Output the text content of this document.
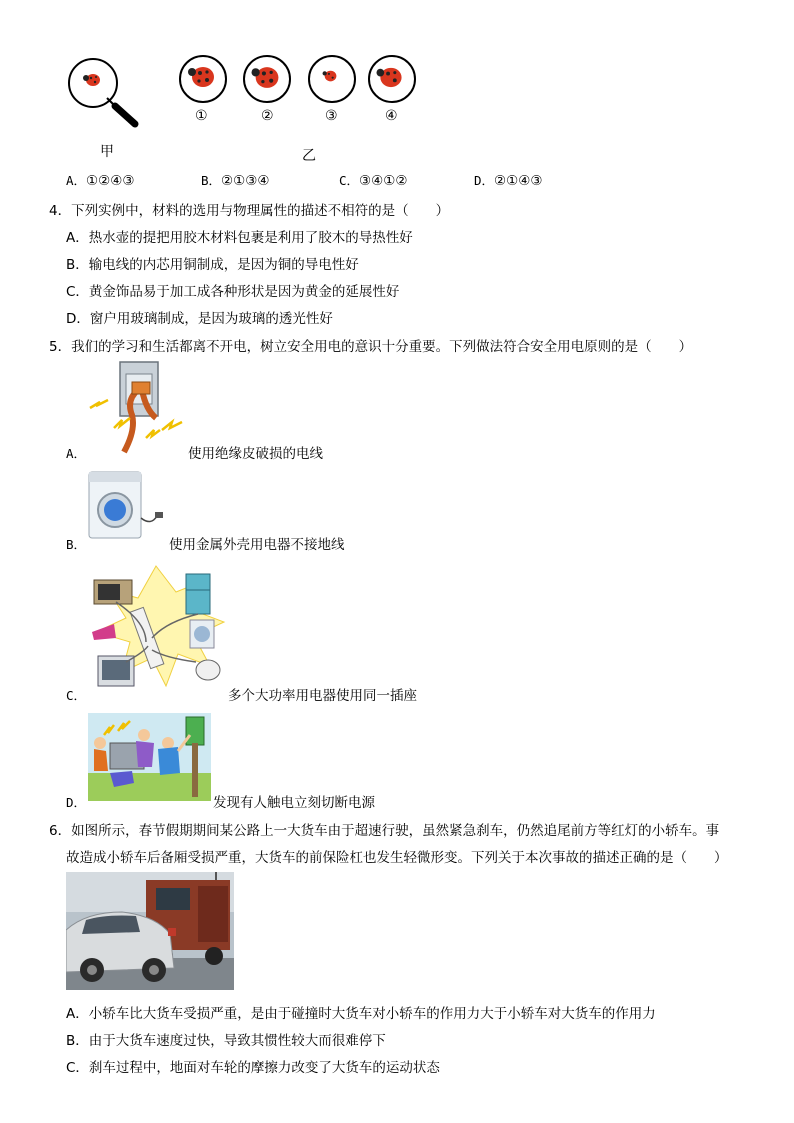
甲
①	②	③	④
乙
A．①②④③	B．②①③④	C．③④①②	D．②①④③
4．下列实例中，材料的选用与物理属性的描述不相符的是（　　）
A．热水壶的提把用胶木材料包裹是利用了胶木的导热性好
B．输电线的内芯用铜制成，是因为铜的导电性好
C．黄金饰品易于加工成各种形状是因为黄金的延展性好
D．窗户用玻璃制成，是因为玻璃的透光性好
5．我们的学习和生活都离不开电，树立安全用电的意识十分重要。下列做法符合安全用电原则的是（　　）
A．	使用绝缘皮破损的电线
B．	使用金属外壳用电器不接地线
C．	多个大功率用电器使用同一插座
D．	发现有人触电立刻切断电源
6．如图所示，春节假期期间某公路上一大货车由于超速行驶，虽然紧急刹车，仍然追尾前方等红灯的小轿车。事
故造成小轿车后备厢受损严重，大货车的前保险杠也发生轻微形变。下列关于本次事故的描述正确的是（　　）
A．小轿车比大货车受损严重，是由于碰撞时大货车对小轿车的作用力大于小轿车对大货车的作用力
B．由于大货车速度过快，导致其惯性较大而很难停下
C．刹车过程中，地面对车轮的摩擦力改变了大货车的运动状态
